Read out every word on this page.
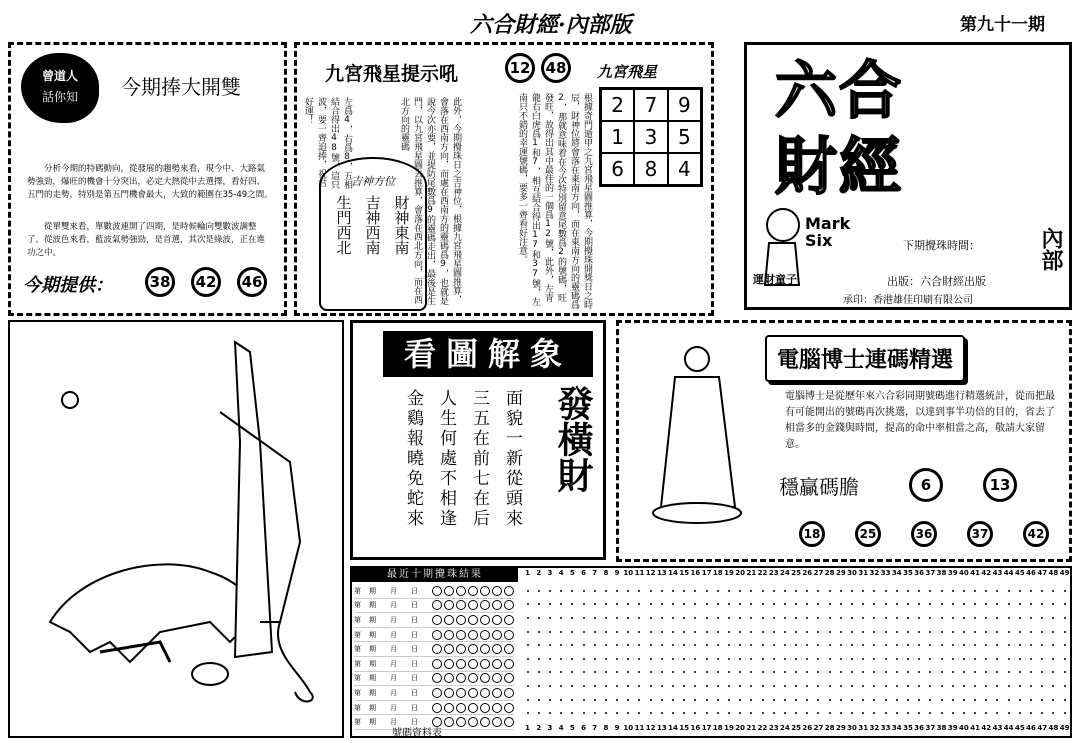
六合財經·內部版	第九十一期
曾道人
話你知	今期捧大開雙
分析今期的特碼動向，從發展的趨勢來看，現今中、大路氣勢強勁，爆旺的機會十分突出，必定大熱從中去選擇，看好四、五門的走勢，特別是第五門機會最大，大致的範圍在35-49之間。
從單雙來看，單數波連開了四期，是時候輪向雙數波調整了。從波色來看，藍波氣勢強勁，是首選，其次是綠波，正在進功之中。
今期提供：	38	42	46
九宮飛星提示吼	12	48
左爲4，右爲8，五相結合得出48號，這只波，要一齊追捧，祝君好運！	此外，今期攪珠日之吉神位，根據九宮飛星圖推算，會落在西南方向，而處在西南方的靈碼爲9，也就是說今次亦要，並提防尾數爲9的靈碼走出，最後是生門，以九宮飛星圖去推算，會落在西北方向，而在西北方向的靈碼
吉神方位
財神東南
吉神西南
生門西北
九宮飛星
2	7	9
1	3	5
6	8	4
根據奇門遁甲之九宮飛星圖推算，今期攪珠開獎日之時辰，財神位將會落在東南方向，而在東南方向的靈碼爲2，那就意味着在今次特別留意尾數爲2的號碼，旺發旺，故得出其中最佳的一個爲12號，此外，左青龍右白虎爲1和7，相互結合得出17和37號，左南只不錯的幸運號碼，要多一齊看好注意。
六合財經
Mark
Six
運財童子
下期攪珠時間：	內部
出版：六合財經出版
承印：香港雄佳印刷有限公司
看圖解象
面貌一新從頭來
三五在前七在后
人生何處不相逢
金鷄報曉免蛇來	發橫財
電腦博士連碼精選
電腦博士是從歷年來六合彩同期號碼進行精選統計，從而把最有可能開出的號碼再次挑選，以達到事半功倍的目的，省去了相當多的金錢與時間，提高的命中率相當之高，敬請大家留意。
穩贏碼膽	6	13
18	25	36	37	42
最近十期攪珠結果	1 2 3 4 5 6 7 8 9 10 11 12 13 14 15 16 17 18 19 20 21 22 23 24 25 26 27 28 29 30 31 32 33 34 35 36 37 38 39 40 41 42 43 44 45 46 47 48 49
第 期	月	日
第 期	月	日
第 期	月	日
第 期	月	日
第 期	月	日
第 期	月	日
第 期	月	日
第 期	月	日
第 期	月	日
第 期	月	日
號碼資料表	1 2 3 4 5 6 7 8 9 10 11 12 13 14 15 16 17 18 19 20 21 22 23 24 25 26 27 28 29 30 31 32 33 34 35 36 37 38 39 40 41 42 43 44 45 46 47 48 49
